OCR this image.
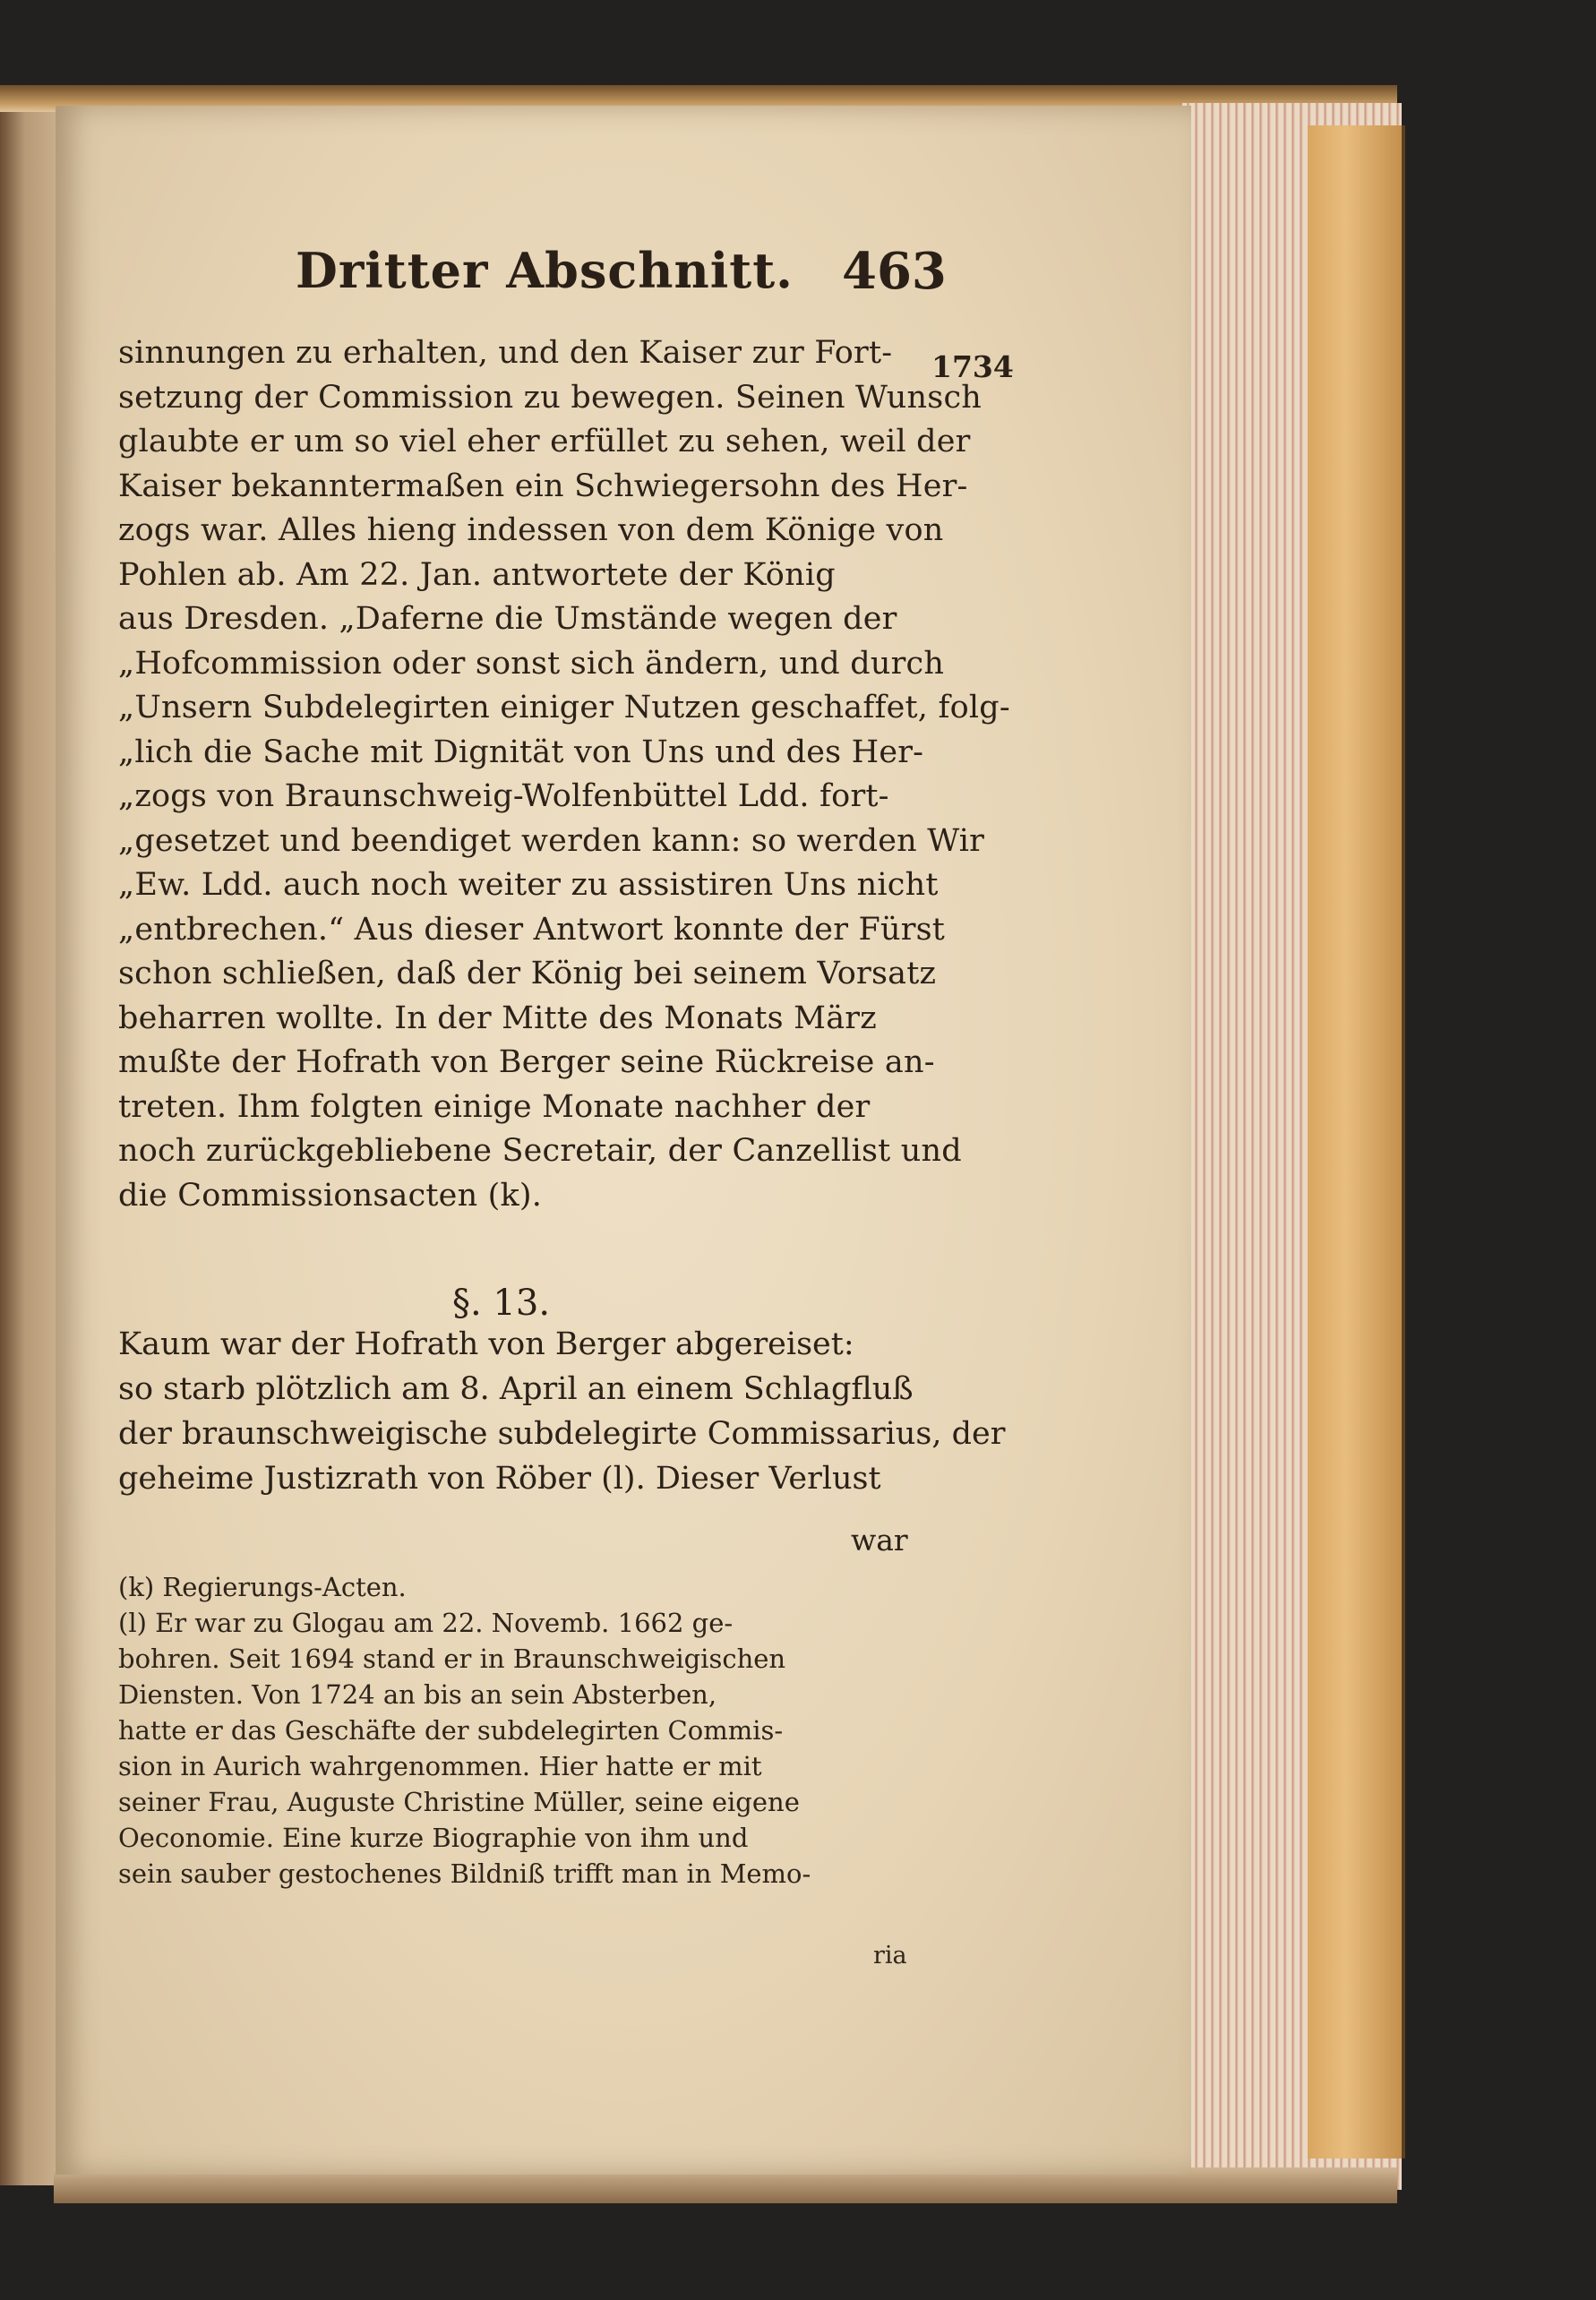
Dritter Abschnitt. 463
1734
sinnungen zu erhalten, und den Kaiser zur Fort-
setzung der Commission zu bewegen. Seinen Wunsch
glaubte er um so viel eher erfüllet zu sehen, weil der
Kaiser bekanntermaßen ein Schwiegersohn des Her-
zogs war. Alles hieng indessen von dem Könige von
Pohlen ab. Am 22. Jan. antwortete der König
aus Dresden. „Daferne die Umstände wegen der
„Hofcommission oder sonst sich ändern, und durch
„Unsern Subdelegirten einiger Nutzen geschaffet, folg-
„lich die Sache mit Dignität von Uns und des Her-
„zogs von Braunschweig-Wolfenbüttel Ldd. fort-
„gesetzet und beendiget werden kann: so werden Wir
„Ew. Ldd. auch noch weiter zu assistiren Uns nicht
„entbrechen.“ Aus dieser Antwort konnte der Fürst
schon schließen, daß der König bei seinem Vorsatz
beharren wollte. In der Mitte des Monats März
mußte der Hofrath von Berger seine Rückreise an-
treten. Ihm folgten einige Monate nachher der
noch zurückgebliebene Secretair, der Canzellist und
die Commissionsacten (k).
§. 13.
Kaum war der Hofrath von Berger abgereiset:
so starb plötzlich am 8. April an einem Schlagfluß
der braunschweigische subdelegirte Commissarius, der
geheime Justizrath von Röber (l). Dieser Verlust
war
(k) Regierungs-Acten.
(l) Er war zu Glogau am 22. Novemb. 1662 ge-
bohren. Seit 1694 stand er in Braunschweigischen
Diensten. Von 1724 an bis an sein Absterben,
hatte er das Geschäfte der subdelegirten Commis-
sion in Aurich wahrgenommen. Hier hatte er mit
seiner Frau, Auguste Christine Müller, seine eigene
Oeconomie. Eine kurze Biographie von ihm und
sein sauber gestochenes Bildniß trifft man in Memo-
ria
